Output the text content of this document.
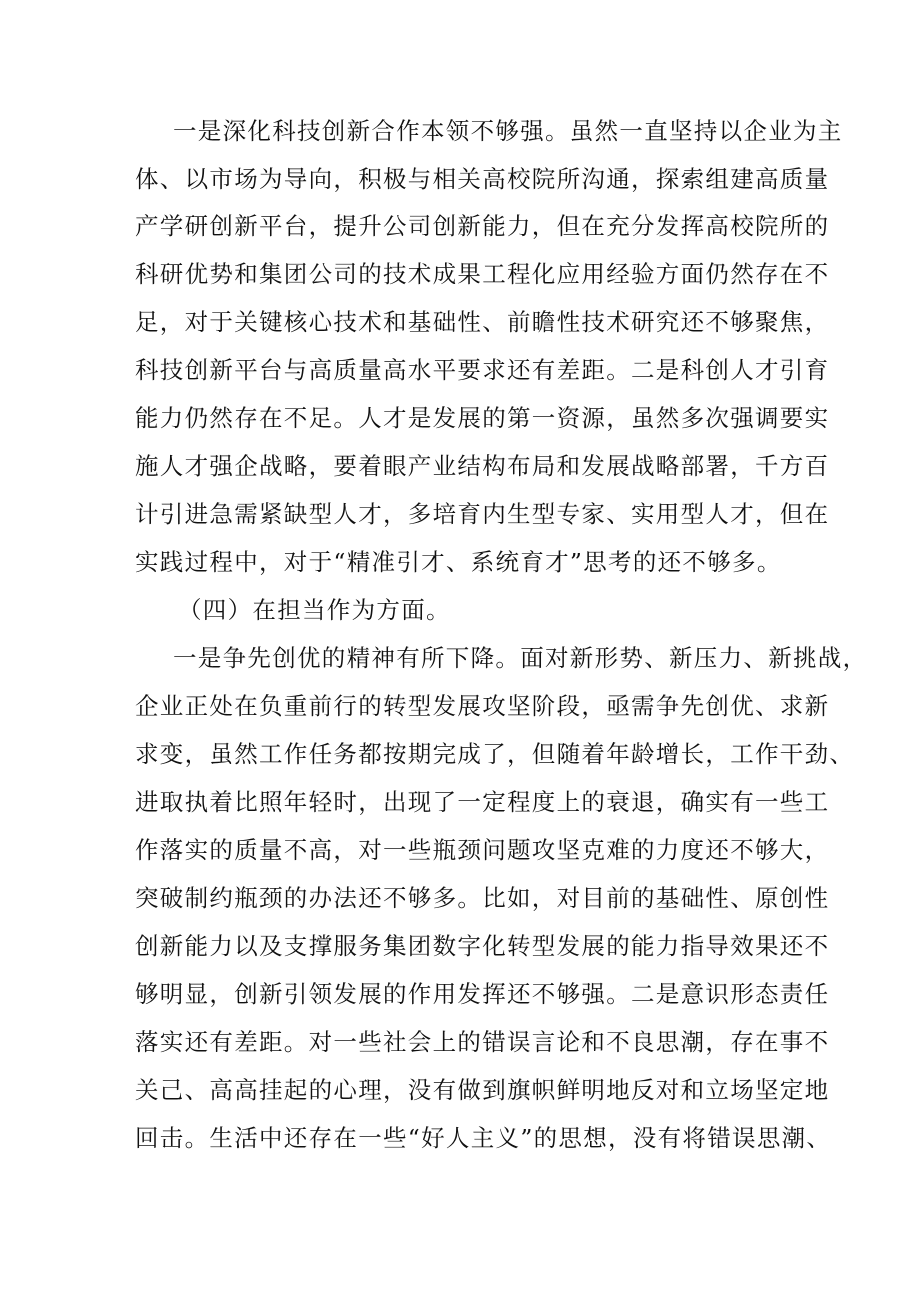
一是深化科技创新合作本领不够强。虽然一直坚持以企业为主
体、以市场为导向，积极与相关高校院所沟通，探索组建高质量
产学研创新平台，提升公司创新能力，但在充分发挥高校院所的
科研优势和集团公司的技术成果工程化应用经验方面仍然存在不
足，对于关键核心技术和基础性、前瞻性技术研究还不够聚焦，
科技创新平台与高质量高水平要求还有差距。二是科创人才引育
能力仍然存在不足。人才是发展的第一资源，虽然多次强调要实
施人才强企战略，要着眼产业结构布局和发展战略部署，千方百
计引进急需紧缺型人才，多培育内生型专家、实用型人才，但在
实践过程中，对于“精准引才、系统育才”思考的还不够多。
（四）在担当作为方面。
一是争先创优的精神有所下降。面对新形势、新压力、新挑战，
企业正处在负重前行的转型发展攻坚阶段，亟需争先创优、求新
求变，虽然工作任务都按期完成了，但随着年龄增长，工作干劲、
进取执着比照年轻时，出现了一定程度上的衰退，确实有一些工
作落实的质量不高，对一些瓶颈问题攻坚克难的力度还不够大，
突破制约瓶颈的办法还不够多。比如，对目前的基础性、原创性
创新能力以及支撑服务集团数字化转型发展的能力指导效果还不
够明显，创新引领发展的作用发挥还不够强。二是意识形态责任
落实还有差距。对一些社会上的错误言论和不良思潮，存在事不
关己、高高挂起的心理，没有做到旗帜鲜明地反对和立场坚定地
回击。生活中还存在一些“好人主义”的思想，没有将错误思潮、
